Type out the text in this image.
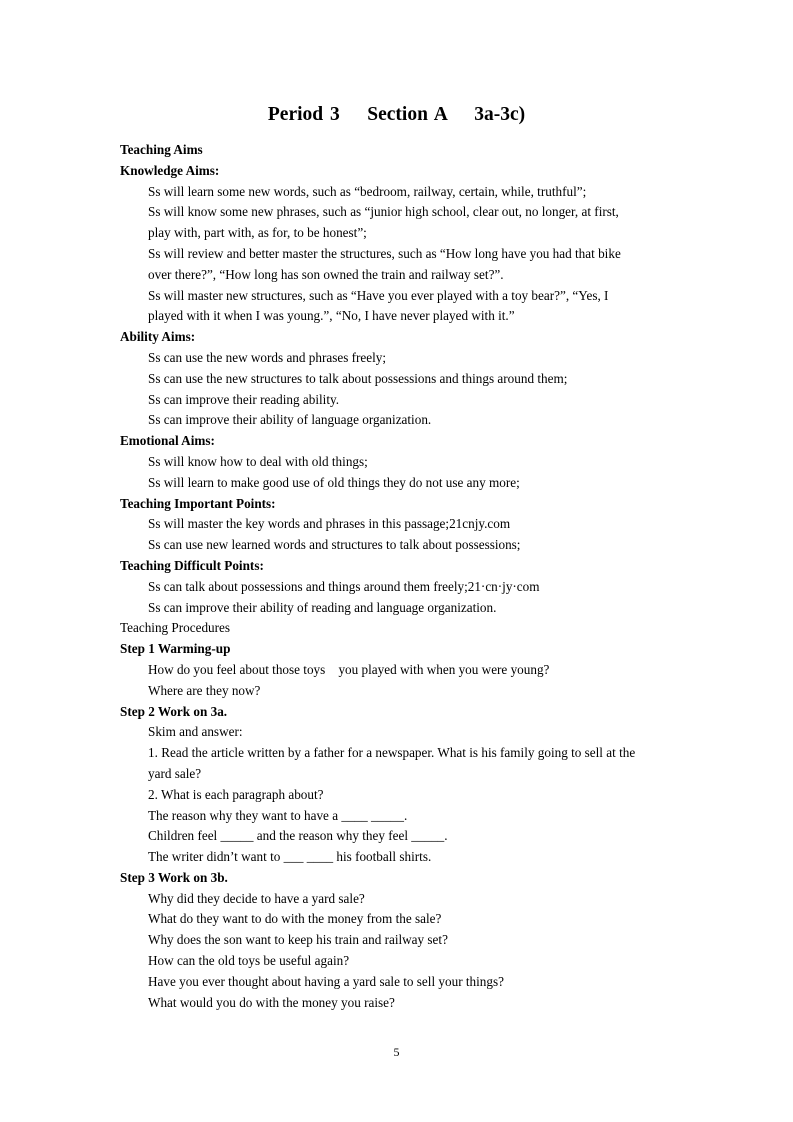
Period 3    Section A    3a-3c)
Teaching Aims
Knowledge Aims:
Ss will learn some new words, such as “bedroom, railway, certain, while, truthful”;
Ss will know some new phrases, such as “junior high school, clear out, no longer, at first,
play with, part with, as for, to be honest”;
Ss will review and better master the structures, such as “How long have you had that bike
over there?”, “How long has son owned the train and railway set?”.
Ss will master new structures, such as “Have you ever played with a toy bear?”, “Yes, I
played with it when I was young.”, “No, I have never played with it.”
Ability Aims:
Ss can use the new words and phrases freely;
Ss can use the new structures to talk about possessions and things around them;
Ss can improve their reading ability.
Ss can improve their ability of language organization.
Emotional Aims:
Ss will know how to deal with old things;
Ss will learn to make good use of old things they do not use any more;
Teaching Important Points:
Ss will master the key words and phrases in this passage;21cnjy.com
Ss can use new learned words and structures to talk about possessions;
Teaching Difficult Points:
Ss can talk about possessions and things around them freely;21·cn·jy·com
Ss can improve their ability of reading and language organization.
Teaching Procedures
Step 1 Warming-up
How do you feel about those toys    you played with when you were young?
Where are they now?
Step 2 Work on 3a.
Skim and answer:
1. Read the article written by a father for a newspaper. What is his family going to sell at the
yard sale?
2. What is each paragraph about?
The reason why they want to have a ____ _____.
Children feel _____ and the reason why they feel _____.
The writer didn’t want to ___ ____ his football shirts.
Step 3 Work on 3b.
Why did they decide to have a yard sale?
What do they want to do with the money from the sale?
Why does the son want to keep his train and railway set?
How can the old toys be useful again?
Have you ever thought about having a yard sale to sell your things?
What would you do with the money you raise?
5
